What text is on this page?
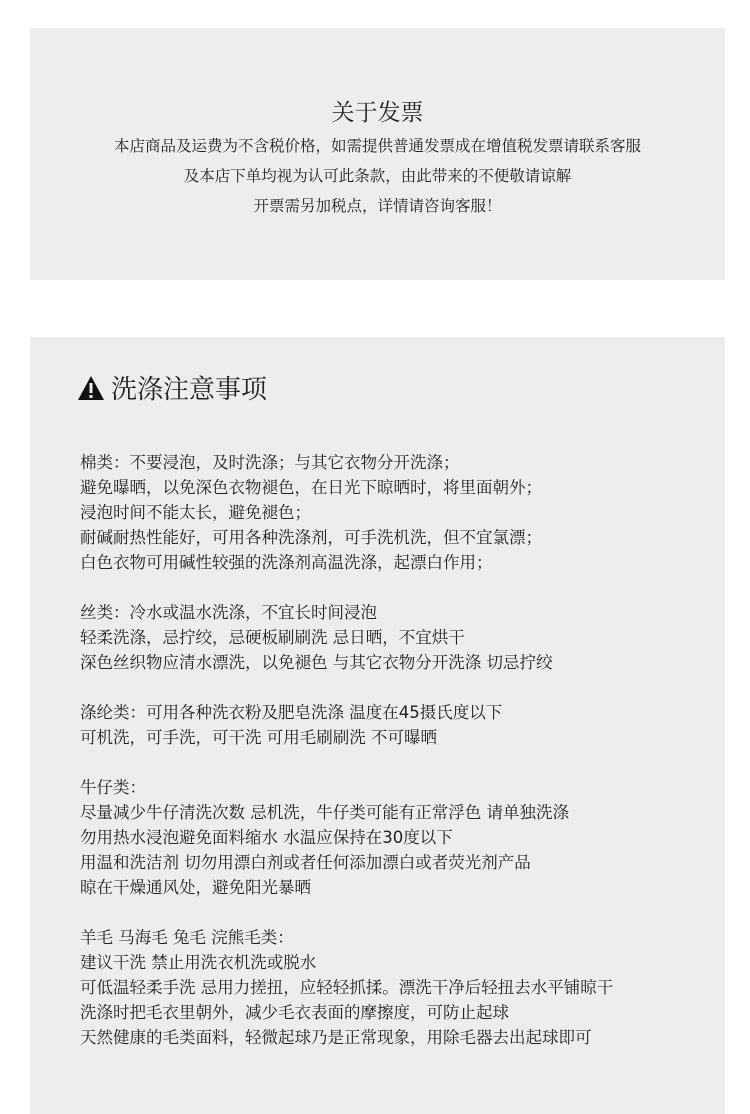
关于发票
本店商品及运费为不含税价格，如需提供普通发票成在增值税发票请联系客服
及本店下单均视为认可此条款，由此带来的不便敬请谅解
开票需另加税点，详情请咨询客服！
洗涤注意事项
棉类：不要浸泡，及时洗涤；与其它衣物分开洗涤；
避免曝晒，以免深色衣物褪色，在日光下晾晒时，将里面朝外；
浸泡时间不能太长，避免褪色；
耐碱耐热性能好，可用各种洗涤剂，可手洗机洗，但不宜氯漂；
白色衣物可用碱性较强的洗涤剂高温洗涤，起漂白作用；
丝类：冷水或温水洗涤，不宜长时间浸泡
轻柔洗涤，忌拧绞，忌硬板刷刷洗 忌日晒，不宜烘干
深色丝织物应清水漂洗，以免褪色 与其它衣物分开洗涤 切忌拧绞
涤纶类：可用各种洗衣粉及肥皂洗涤 温度在45摄氏度以下
可机洗，可手洗，可干洗 可用毛刷刷洗 不可曝晒
牛仔类：
尽量减少牛仔清洗次数 忌机洗，牛仔类可能有正常浮色 请单独洗涤
勿用热水浸泡避免面料缩水 水温应保持在30度以下
用温和洗洁剂 切勿用漂白剂或者任何添加漂白或者荧光剂产品
晾在干燥通风处，避免阳光暴晒
羊毛 马海毛 兔毛 浣熊毛类：
建议干洗 禁止用洗衣机洗或脱水
可低温轻柔手洗 忌用力搓扭，应轻轻抓揉。漂洗干净后轻扭去水平铺晾干
洗涤时把毛衣里朝外，减少毛衣表面的摩擦度，可防止起球
天然健康的毛类面料，轻微起球乃是正常现象，用除毛器去出起球即可
